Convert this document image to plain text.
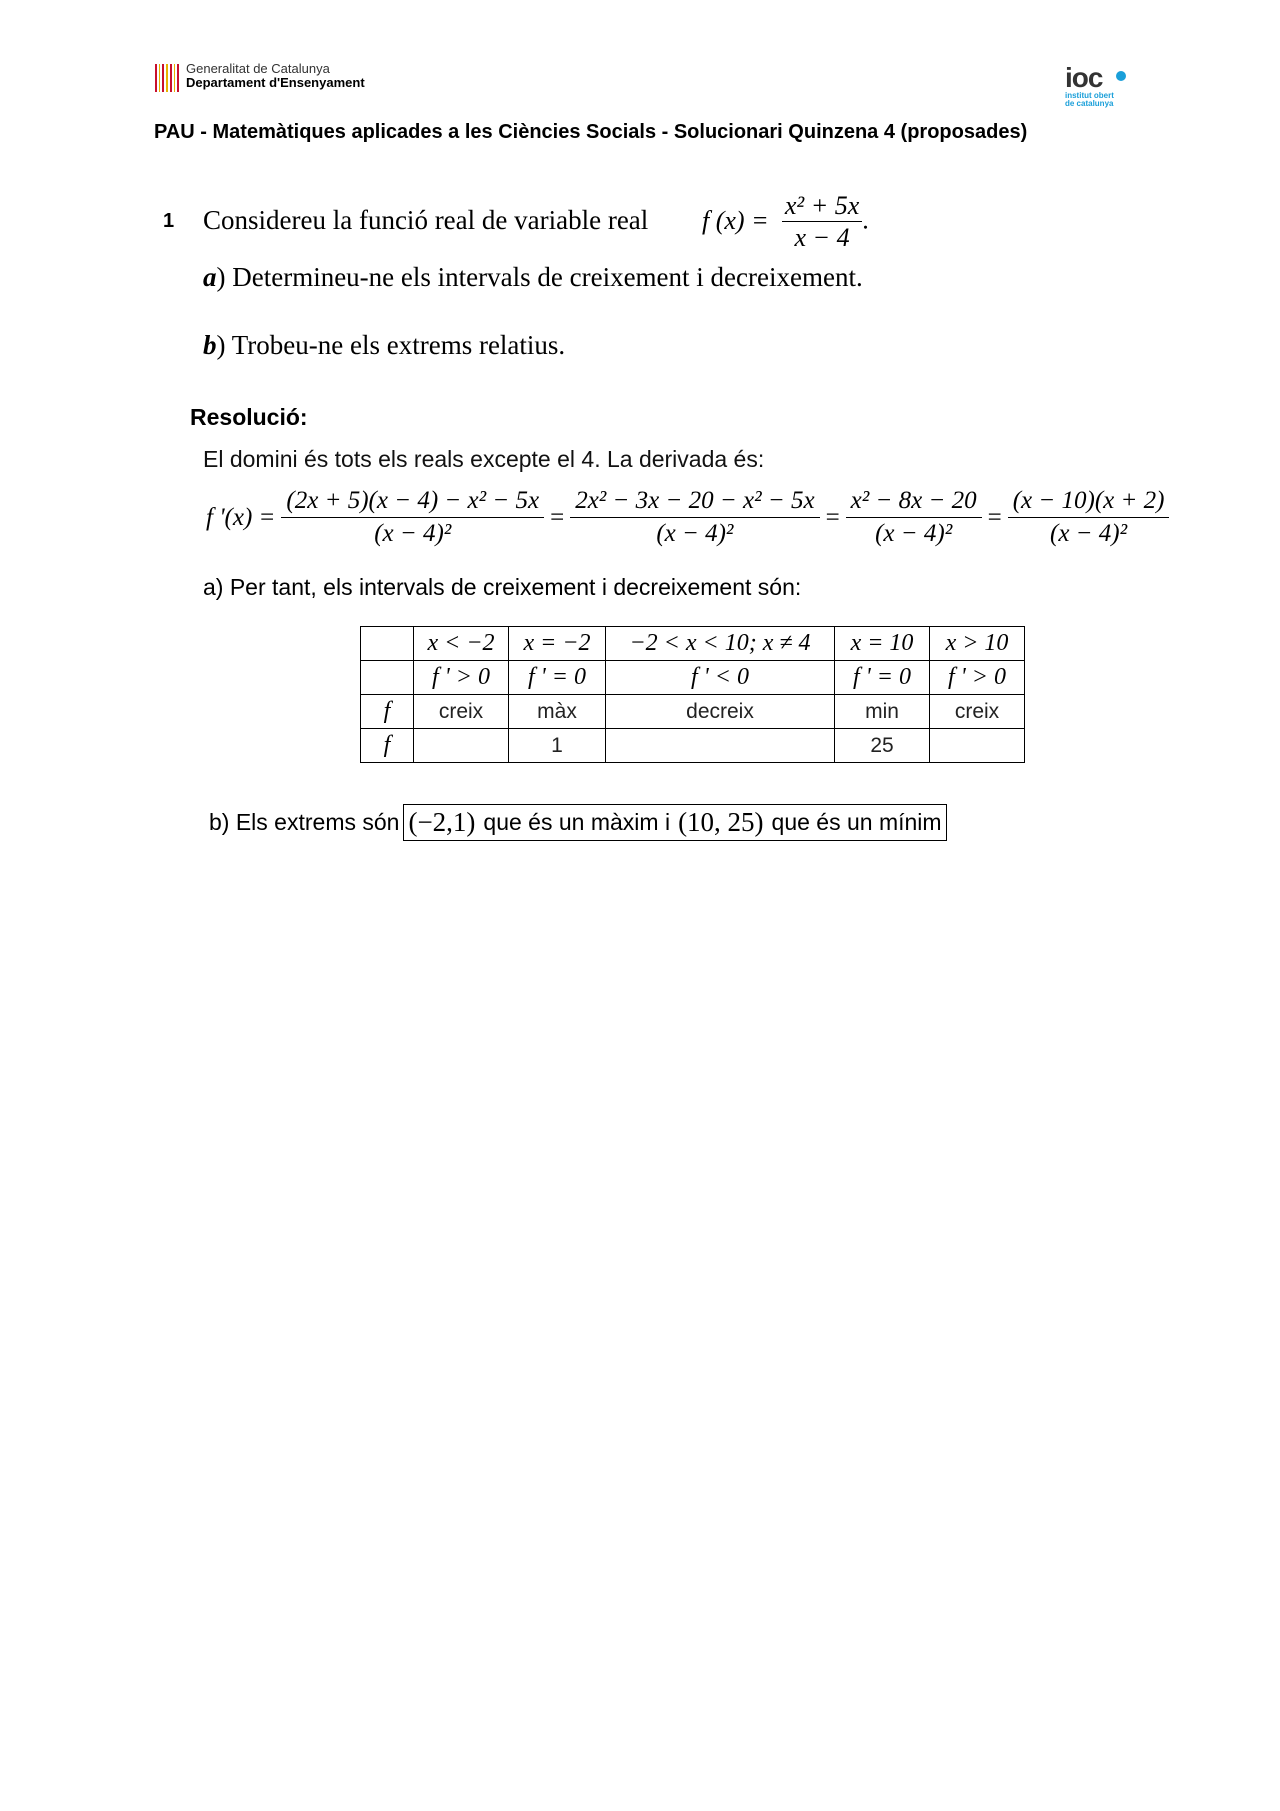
Generalitat de Catalunya
Departament d'Ensenyament	ioc
institut obert
de catalunya
PAU - Matemàtiques aplicades a les Ciències Socials - Solucionari Quinzena 4 (proposades)
1 Considereu la funció real de variable real f $(x) = \frac{\text{x² + 5x}}{x - 4}$ .
a) Determineu-ne els intervals de creixement i decreixement.
b) Trobeu-ne els extrems relatius.
Resolució:
El domini és tots els reals excepte el 4. La derivada és:
f '$(x) = \frac{\text{(2x + 5)(x − 4) − x² − 5x}}{\text{(x − 4)²}} = \frac{\text{2x² − 3x − 20 − x² − 5x}}{\text{(x − 4)²}} = \frac{\text{x² − 8x − 20}}{\text{(x − 4)²}} = \frac{(x - 10)(x + 2)}{\text{(x − 4)²}}$
a) Per tant, els intervals de creixement i decreixement són:
	x < −2	x = −2	−2 < x < 10; x ≠ 4	x = 10	x > 10
	f ' > 0	f ' = 0	f ' < 0	f ' = 0	f ' > 0
f	creix	màx	decreix	min	creix
f		1		25	
b) Els extrems són (−2,1) que és un màxim i (10, 25) que és un mínim
